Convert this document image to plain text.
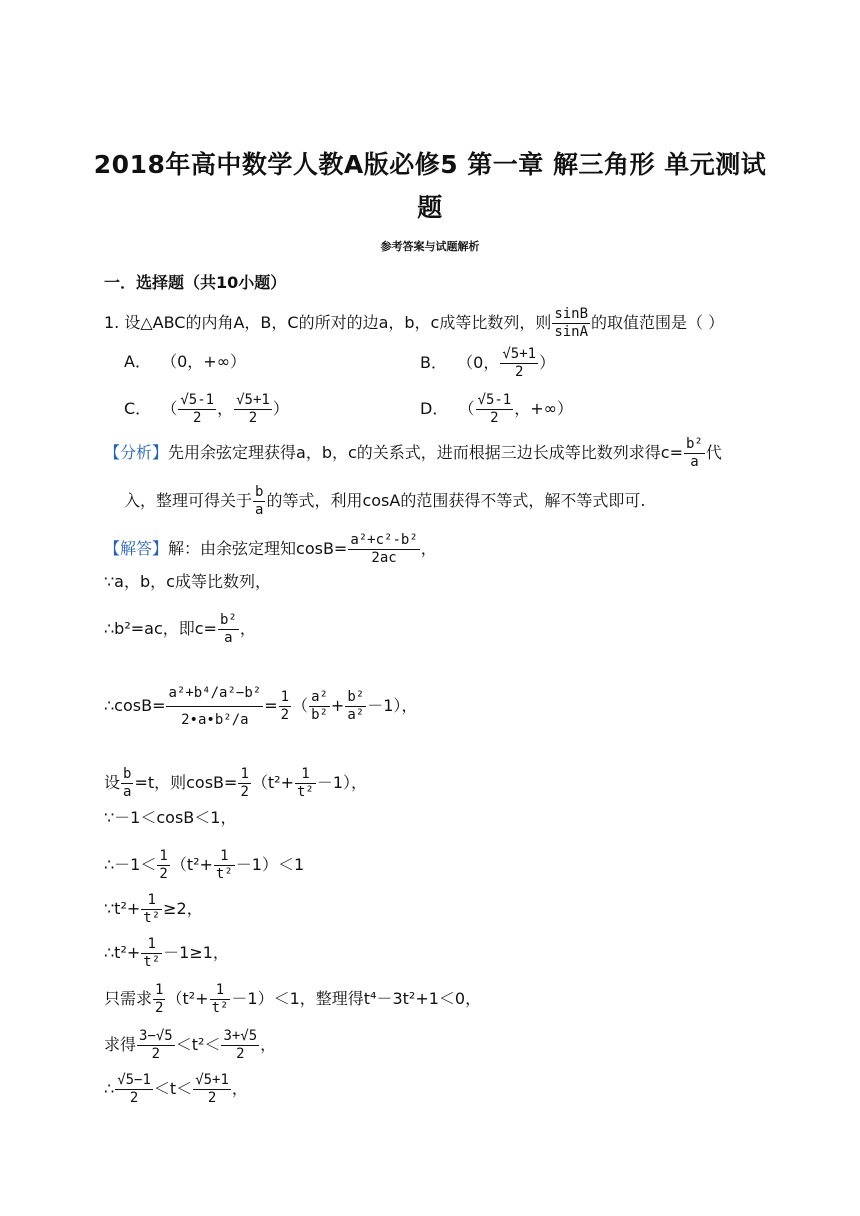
2018年高中数学人教A版必修5 第一章 解三角形 单元测试
题
参考答案与试题解析
一．选择题（共10小题）
1. 设△ABC的内角A，B，C的所对的边a，b，c成等比数列，则 $\frac{\sin B}{\sin A}$ 的取值范围是（ ）
A． （0，+∞）	B． （0， $\frac{√5+1}{2}$ ）
C． （ $\frac{√5-1}{2}$ ， $\frac{√5+1}{2}$ ）	D． （ $\frac{√5-1}{2}$ ，+∞）
【分析】先用余弦定理获得a，b，c的关系式，进而根据三边长成等比数列求得$c= \frac{\text{b²}}{a}$ 代
入，整理可得关于 $\frac{b}{a}$ 的等式，利用cosA的范围获得不等式，解不等式即可.
【解答】解：由余弦定理知$\cos B= \frac{\text{a²+c²-b²}}{2ac}$ ，
∵a，b，c成等比数列，
∴b²=ac，即$c= \frac{\text{b²}}{a}$ ，
∴cosB= $\frac{\text{a²+b⁴/a²−b²}}{\text{2•a•b²/a}} = \frac{1}{2}$ （ $\frac{\text{a²}}{\text{b²}} + \frac{\text{b²}}{\text{a²}} -1$），
设 $\frac{b}{a} =t$，则$\cos B= \frac{1}{2} (t^2+ \frac{1}{\text{t²}} -1)$，
∵－1＜cosB＜1，
∴－1＜ $\frac{1}{2} (t^2+ \frac{1}{\text{t²}} -1)<1$
∵t²+ $\frac{1}{\text{t²}} \ge 2$，
∴t²+ $\frac{1}{\text{t²}} -1\ge 1$，
只需求 $\frac{1}{2} (t^2+ \frac{1}{\text{t²}} -1)<1$，整理得t⁴－3t²+1＜0，
求得 $\frac{3-√5}{2} <t^2< \frac{3+√5}{2}$ ，
∴ $\frac{√5-1}{2} <t< \frac{√5+1}{2}$ ，
